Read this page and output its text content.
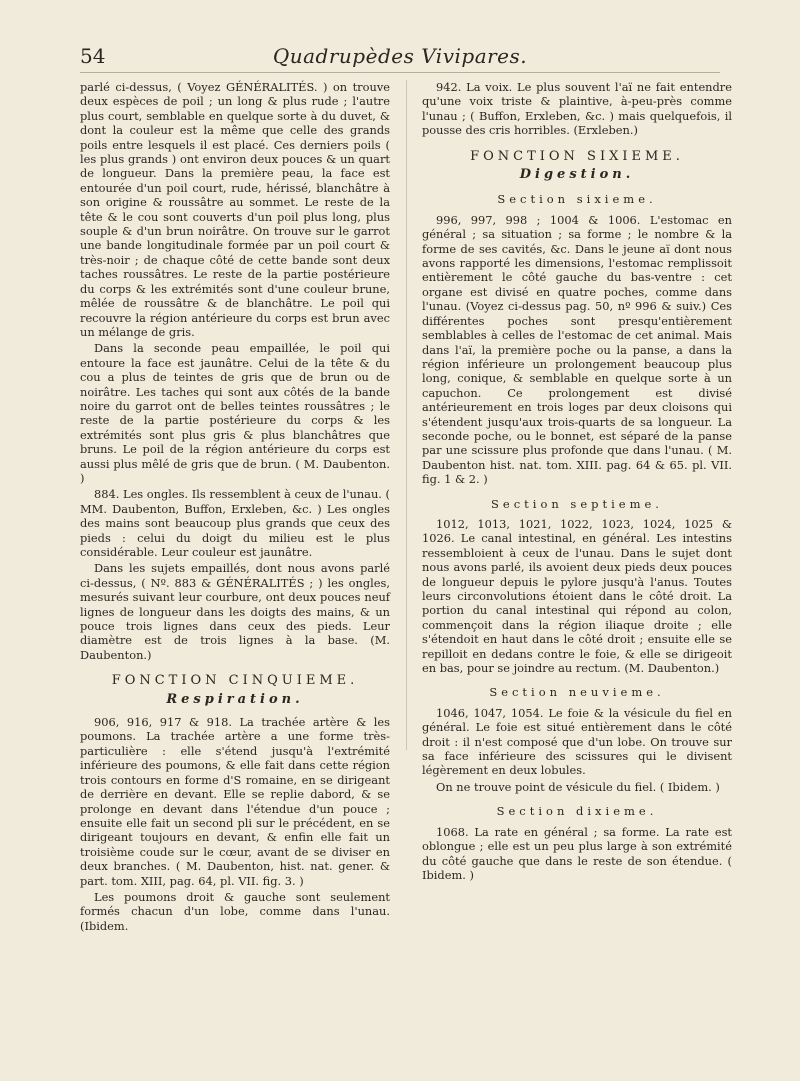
54	Quadrupèdes Vivipares.

parlé ci-dessus, ( Voyez GÉNÉRALITÉS. ) on trouve deux espèces de poil ; un long & plus rude ; l'autre plus court, semblable en quelque sorte à du duvet, & dont la couleur est la même que celle des grands poils entre lesquels il est placé. Ces derniers poils ( les plus grands ) ont environ deux pouces & un quart de longueur. Dans la première peau, la face est entourée d'un poil court, rude, hérissé, blanchâtre à son origine & roussâtre au sommet. Le reste de la tête & le cou sont couverts d'un poil plus long, plus souple & d'un brun noirâtre. On trouve sur le garrot une bande longitudinale formée par un poil court & très-noir ; de chaque côté de cette bande sont deux taches roussâtres. Le reste de la partie postérieure du corps & les extrémités sont d'une couleur brune, mêlée de roussâtre & de blanchâtre. Le poil qui recouvre la région antérieure du corps est brun avec un mélange de gris.

Dans la seconde peau empaillée, le poil qui entoure la face est jaunâtre. Celui de la tête & du cou a plus de teintes de gris que de brun ou de noirâtre. Les taches qui sont aux côtés de la bande noire du garrot ont de belles teintes roussâtres ; le reste de la partie postérieure du corps & les extrémités sont plus gris & plus blanchâtres que bruns. Le poil de la région antérieure du corps est aussi plus mêlé de gris que de brun. ( M. Daubenton. )

884. Les ongles. Ils ressemblent à ceux de l'unau. ( MM. Daubenton, Buffon, Erxleben, &c. ) Les ongles des mains sont beaucoup plus grands que ceux des pieds : celui du doigt du milieu est le plus considérable. Leur couleur est jaunâtre.

Dans les sujets empaillés, dont nous avons parlé ci-dessus, ( Nº. 883 & GÉNÉRALITÉS ; ) les ongles, mesurés suivant leur courbure, ont deux pouces neuf lignes de longueur dans les doigts des mains, & un pouce trois lignes dans ceux des pieds. Leur diamètre est de trois lignes à la base. (M. Daubenton.)

FONCTION CINQUIEME.
Respiration.

906, 916, 917 & 918. La trachée artère & les poumons. La trachée artère a une forme très-particulière : elle s'étend jusqu'à l'extrémité inférieure des poumons, & elle fait dans cette région trois contours en forme d'S romaine, en se dirigeant de derrière en devant. Elle se replie dabord, & se prolonge en devant dans l'étendue d'un pouce ; ensuite elle fait un second pli sur le précédent, en se dirigeant toujours en devant, & enfin elle fait un troisième coude sur le cœur, avant de se diviser en deux branches. ( M. Daubenton, hist. nat. gener. & part. tom. XIII, pag. 64, pl. VII. fig. 3. )

Les poumons droit & gauche sont seulement formés chacun d'un lobe, comme dans l'unau. (Ibidem.

942. La voix. Le plus souvent l'aï ne fait entendre qu'une voix triste & plaintive, à-peu-près comme l'unau ; ( Buffon, Erxleben, &c. ) mais quelquefois, il pousse des cris horribles. (Erxleben.)

FONCTION SIXIEME.
Digestion.
Section sixieme.

996, 997, 998 ; 1004 & 1006. L'estomac en général ; sa situation ; sa forme ; le nombre & la forme de ses cavités, &c. Dans le jeune aï dont nous avons rapporté les dimensions, l'estomac remplissoit entièrement le côté gauche du bas-ventre : cet organe est divisé en quatre poches, comme dans l'unau. (Voyez ci-dessus pag. 50, nº 996 & suiv.) Ces différentes poches sont presqu'entièrement semblables à celles de l'estomac de cet animal. Mais dans l'aï, la première poche ou la panse, a dans la région inférieure un prolongement beaucoup plus long, conique, & semblable en quelque sorte à un capuchon. Ce prolongement est divisé antérieurement en trois loges par deux cloisons qui s'étendent jusqu'aux trois-quarts de sa longueur. La seconde poche, ou le bonnet, est séparé de la panse par une scissure plus profonde que dans l'unau. ( M. Daubenton hist. nat. tom. XIII. pag. 64 & 65. pl. VII. fig. 1 & 2. )

Section septieme.

1012, 1013, 1021, 1022, 1023, 1024, 1025 & 1026. Le canal intestinal, en général. Les intestins ressembloient à ceux de l'unau. Dans le sujet dont nous avons parlé, ils avoient deux pieds deux pouces de longueur depuis le pylore jusqu'à l'anus. Toutes leurs circonvolutions étoient dans le côté droit. La portion du canal intestinal qui répond au colon, commençoit dans la région iliaque droite ; elle s'étendoit en haut dans le côté droit ; ensuite elle se repilloit en dedans contre le foie, & elle se dirigeoit en bas, pour se joindre au rectum. (M. Daubenton.)

Section neuvieme.

1046, 1047, 1054. Le foie & la vésicule du fiel en général. Le foie est situé entièrement dans le côté droit : il n'est composé que d'un lobe. On trouve sur sa face inférieure des scissures qui le divisent légèrement en deux lobules.

On ne trouve point de vésicule du fiel. ( Ibidem. )

Section dixieme.

1068. La rate en général ; sa forme. La rate est oblongue ; elle est un peu plus large à son extrémité du côté gauche que dans le reste de son étendue. ( Ibidem. )
